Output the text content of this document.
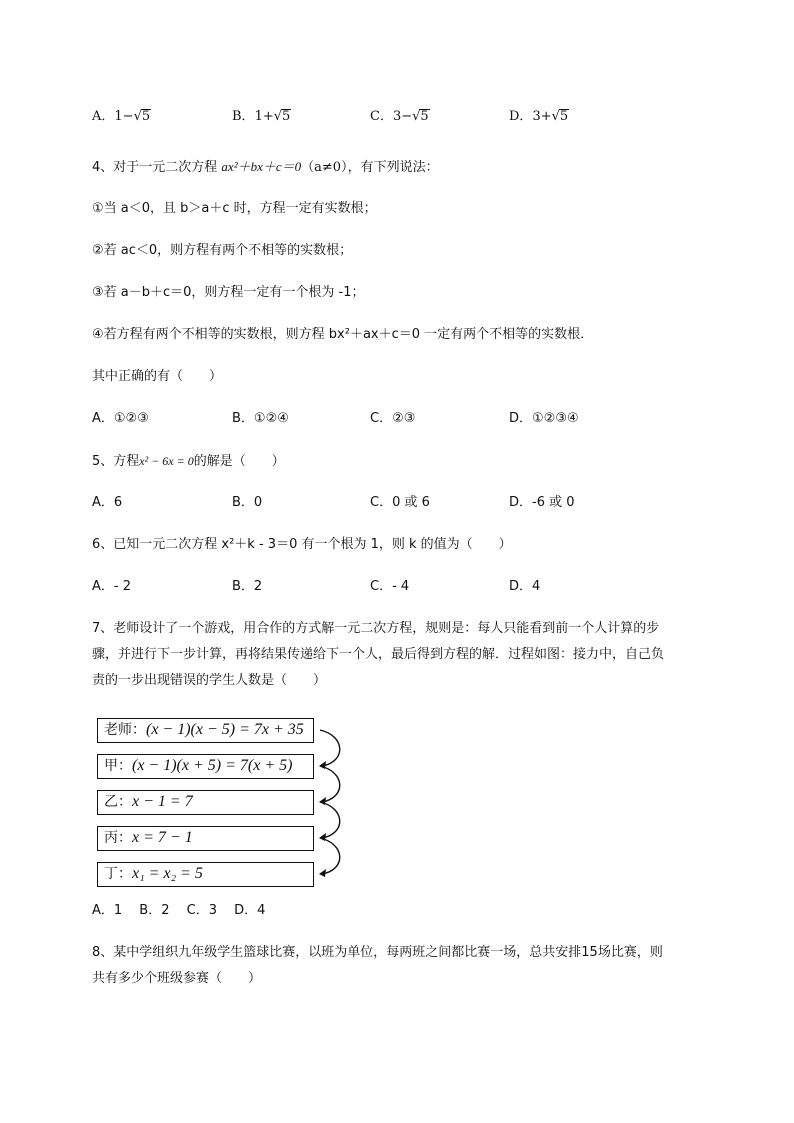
A．1−√5	B．1+√5	C．3−√5	D．3+√5
4、对于一元二次方程 ax²＋bx＋c＝0（a≠0），有下列说法：
①当 a＜0，且 b＞a＋c 时，方程一定有实数根；
②若 ac＜0，则方程有两个不相等的实数根；
③若 a－b＋c＝0，则方程一定有一个根为 -1；
④若方程有两个不相等的实数根，则方程 bx²＋ax＋c＝0 一定有两个不相等的实数根．
其中正确的有（　　）
A．①②③	B．①②④	C．②③	D．①②③④
5、方程x² − 6x = 0的解是（　　）
A．6	B．0	C．0 或 6	D．-6 或 0
6、已知一元二次方程 x²＋k - 3＝0 有一个根为 1，则 k 的值为（　　）
A．- 2	B．2	C．- 4	D．4
7、老师设计了一个游戏，用合作的方式解一元二次方程，规则是：每人只能看到前一个人计算的步
骤，并进行下一步计算，再将结果传递给下一个人，最后得到方程的解．过程如图：接力中，自己负
责的一步出现错误的学生人数是（　　）
老师：(x − 1)(x − 5) = 7x + 35
甲：(x − 1)(x + 5) = 7(x + 5)
乙：x − 1 = 7
丙：x = 7 − 1
丁：x₁ = x₂ = 5
A．1　 B．2　 C．3　 D．4
8、某中学组织九年级学生篮球比赛，以班为单位，每两班之间都比赛一场，总共安排15场比赛，则
共有多少个班级参赛（　　）
